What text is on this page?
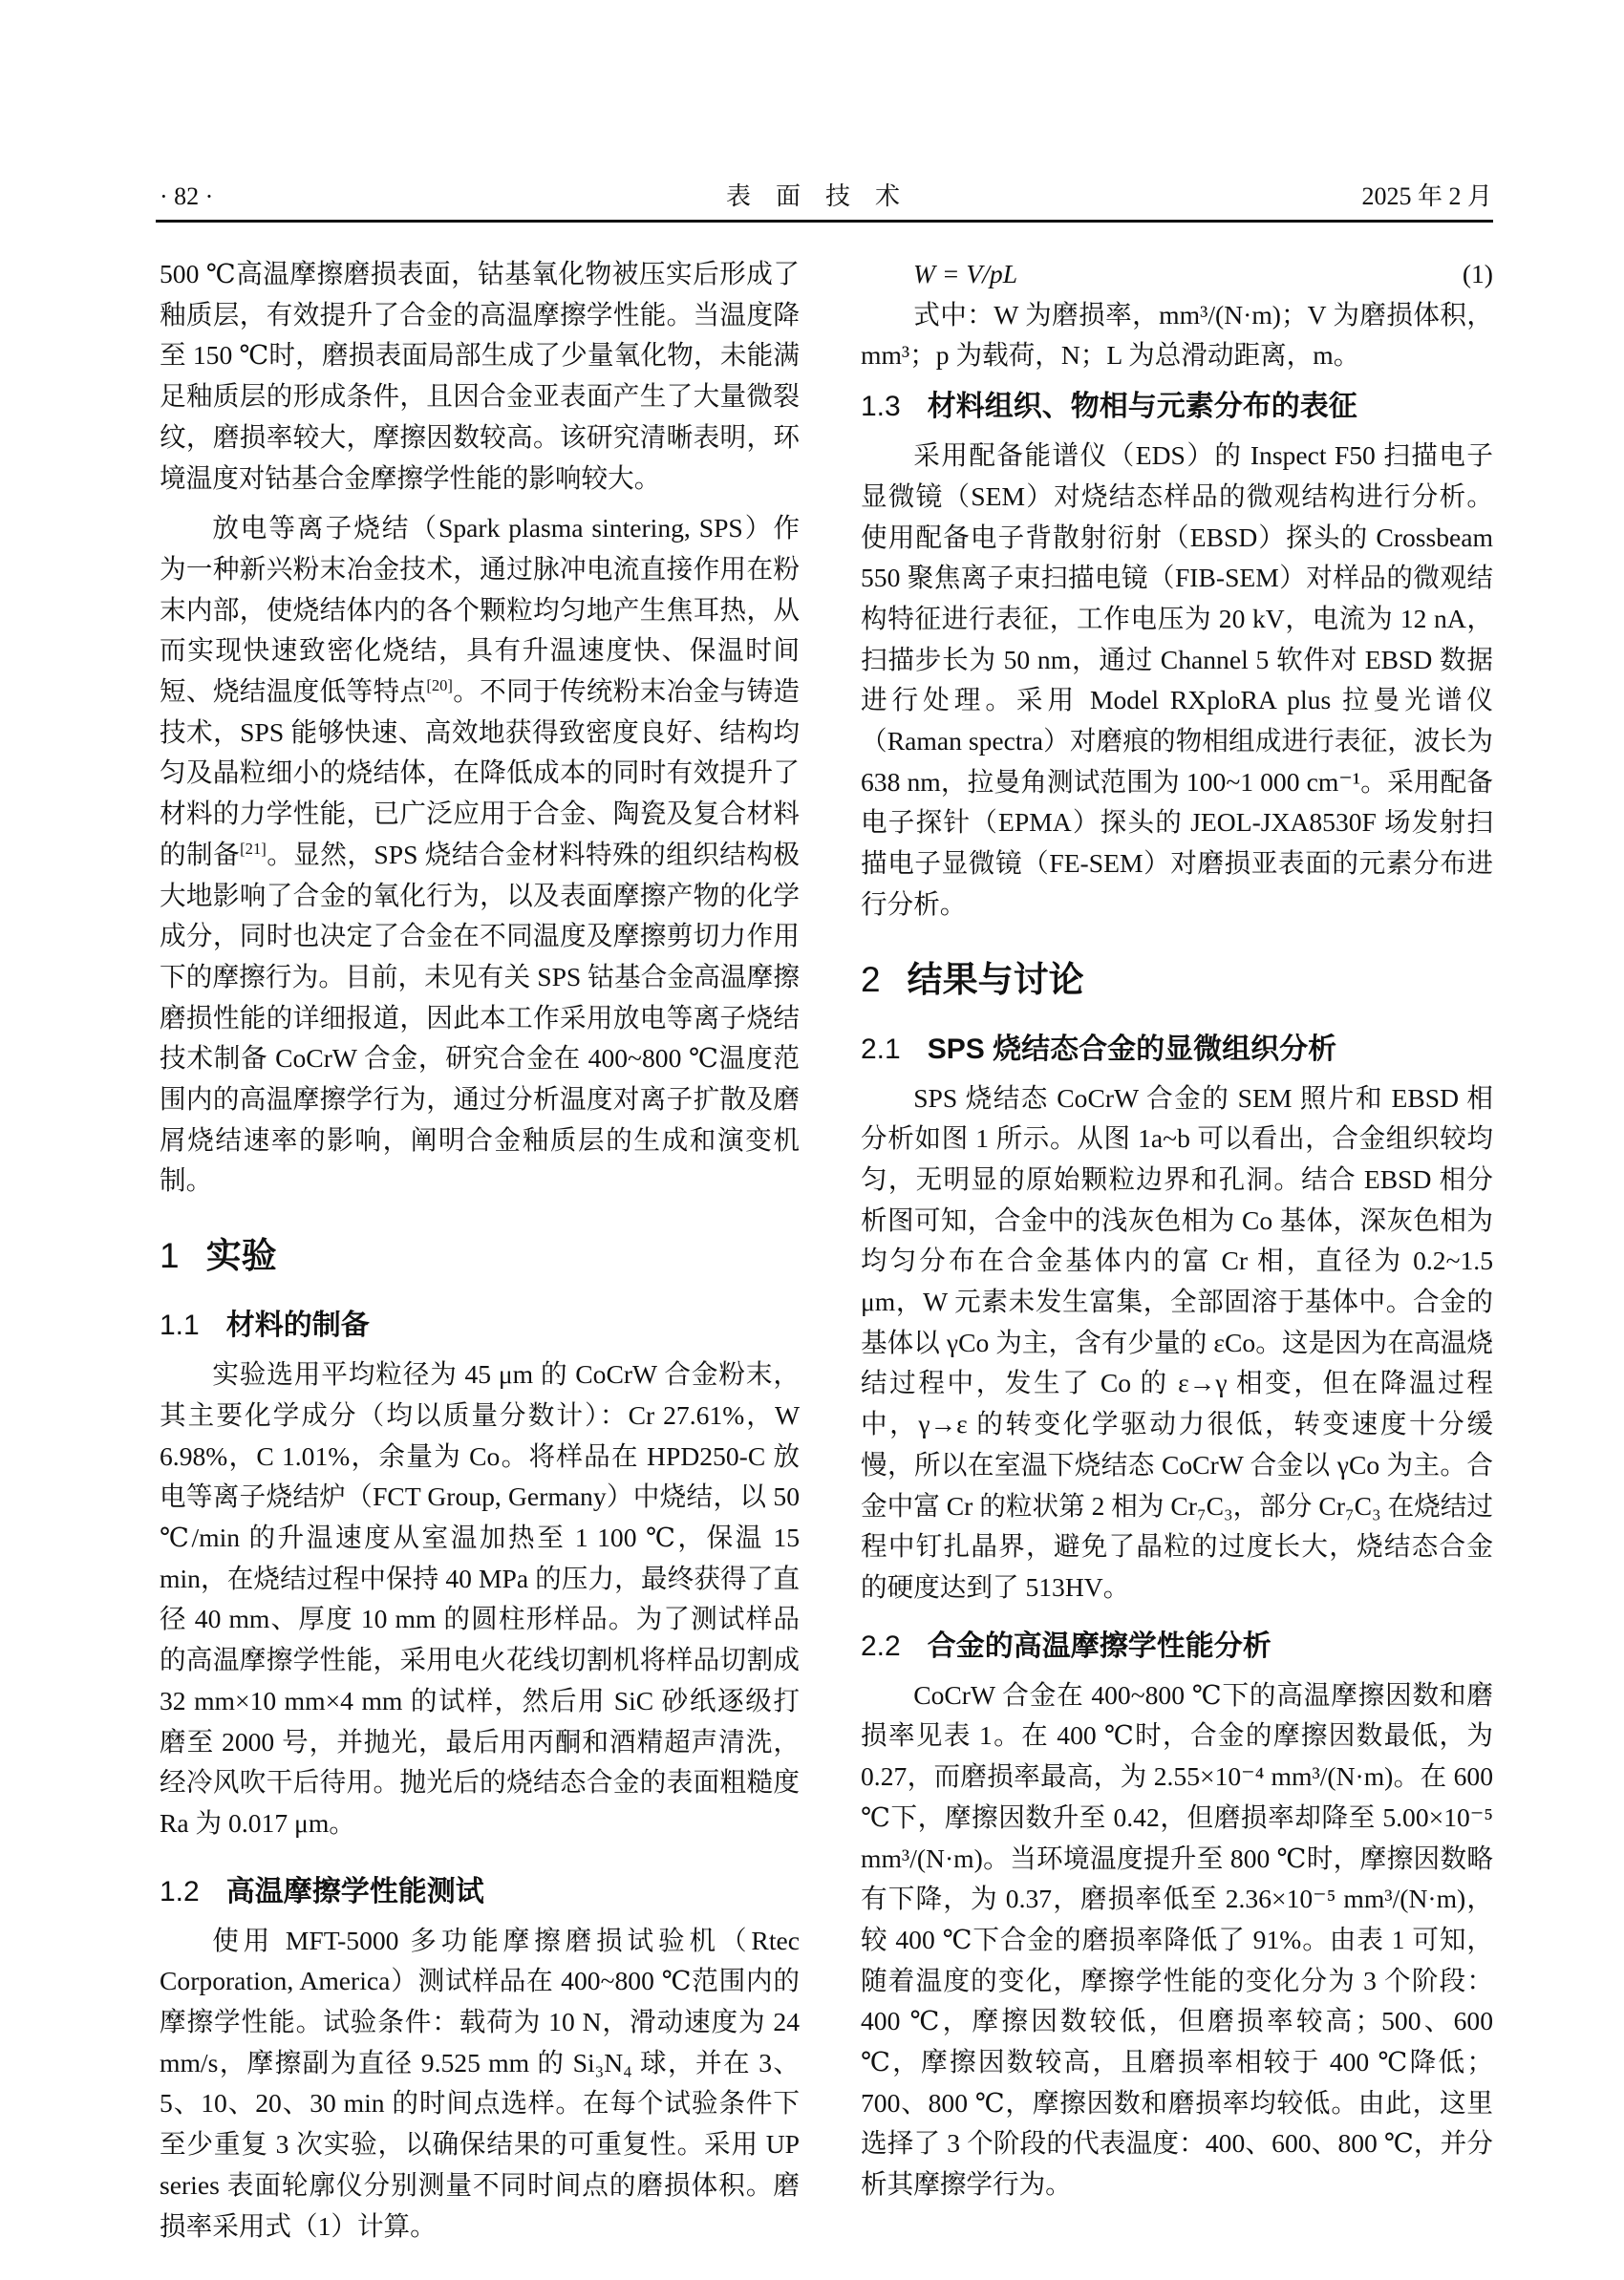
· 82 ·	表　面　技　术	2025 年 2 月

500 ℃高温摩擦磨损表面，钴基氧化物被压实后形成了釉质层，有效提升了合金的高温摩擦学性能。当温度降至 150 ℃时，磨损表面局部生成了少量氧化物，未能满足釉质层的形成条件，且因合金亚表面产生了大量微裂纹，磨损率较大，摩擦因数较高。该研究清晰表明，环境温度对钴基合金摩擦学性能的影响较大。

放电等离子烧结（Spark plasma sintering, SPS）作为一种新兴粉末冶金技术，通过脉冲电流直接作用在粉末内部，使烧结体内的各个颗粒均匀地产生焦耳热，从而实现快速致密化烧结，具有升温速度快、保温时间短、烧结温度低等特点[20]。不同于传统粉末冶金与铸造技术，SPS 能够快速、高效地获得致密度良好、结构均匀及晶粒细小的烧结体，在降低成本的同时有效提升了材料的力学性能，已广泛应用于合金、陶瓷及复合材料的制备[21]。显然，SPS 烧结合金材料特殊的组织结构极大地影响了合金的氧化行为，以及表面摩擦产物的化学成分，同时也决定了合金在不同温度及摩擦剪切力作用下的摩擦行为。目前，未见有关 SPS 钴基合金高温摩擦磨损性能的详细报道，因此本工作采用放电等离子烧结技术制备 CoCrW 合金，研究合金在 400~800 ℃温度范围内的高温摩擦学行为，通过分析温度对离子扩散及磨屑烧结速率的影响，阐明合金釉质层的生成和演变机制。

1 实验
1.1 材料的制备

实验选用平均粒径为 45 μm 的 CoCrW 合金粉末，其主要化学成分（均以质量分数计）：Cr 27.61%，W 6.98%，C 1.01%，余量为 Co。将样品在 HPD250-C 放电等离子烧结炉（FCT Group, Germany）中烧结，以 50 ℃/min 的升温速度从室温加热至 1 100 ℃，保温 15 min，在烧结过程中保持 40 MPa 的压力，最终获得了直径 40 mm、厚度 10 mm 的圆柱形样品。为了测试样品的高温摩擦学性能，采用电火花线切割机将样品切割成 32 mm×10 mm×4 mm 的试样，然后用 SiC 砂纸逐级打磨至 2000 号，并抛光，最后用丙酮和酒精超声清洗，经冷风吹干后待用。抛光后的烧结态合金的表面粗糙度 Ra 为 0.017 μm。

1.2 高温摩擦学性能测试

使用 MFT-5000 多功能摩擦磨损试验机（Rtec Corporation, America）测试样品在 400~800 ℃范围内的摩擦学性能。试验条件：载荷为 10 N，滑动速度为 24 mm/s，摩擦副为直径 9.525 mm 的 Si₃N₄ 球，并在 3、5、10、20、30 min 的时间点选样。在每个试验条件下至少重复 3 次实验，以确保结果的可重复性。采用 UP series 表面轮廓仪分别测量不同时间点的磨损体积。磨损率采用式（1）计算。

W = V/pL	(1)

式中：W 为磨损率，mm³/(N·m)；V 为磨损体积，mm³；p 为载荷，N；L 为总滑动距离，m。

1.3 材料组织、物相与元素分布的表征

采用配备能谱仪（EDS）的 Inspect F50 扫描电子显微镜（SEM）对烧结态样品的微观结构进行分析。使用配备电子背散射衍射（EBSD）探头的 Crossbeam 550 聚焦离子束扫描电镜（FIB-SEM）对样品的微观结构特征进行表征，工作电压为 20 kV，电流为 12 nA，扫描步长为 50 nm，通过 Channel 5 软件对 EBSD 数据进行处理。采用 Model RXploRA plus 拉曼光谱仪（Raman spectra）对磨痕的物相组成进行表征，波长为 638 nm，拉曼角测试范围为 100~1 000 cm⁻¹。采用配备电子探针（EPMA）探头的 JEOL-JXA8530F 场发射扫描电子显微镜（FE-SEM）对磨损亚表面的元素分布进行分析。

2 结果与讨论
2.1 SPS 烧结态合金的显微组织分析

SPS 烧结态 CoCrW 合金的 SEM 照片和 EBSD 相分析如图 1 所示。从图 1a~b 可以看出，合金组织较均匀，无明显的原始颗粒边界和孔洞。结合 EBSD 相分析图可知，合金中的浅灰色相为 Co 基体，深灰色相为均匀分布在合金基体内的富 Cr 相，直径为 0.2~1.5 μm，W 元素未发生富集，全部固溶于基体中。合金的基体以 γCo 为主，含有少量的 εCo。这是因为在高温烧结过程中，发生了 Co 的 ε→γ 相变，但在降温过程中，γ→ε 的转变化学驱动力很低，转变速度十分缓慢，所以在室温下烧结态 CoCrW 合金以 γCo 为主。合金中富 Cr 的粒状第 2 相为 Cr₇C₃，部分 Cr₇C₃ 在烧结过程中钉扎晶界，避免了晶粒的过度长大，烧结态合金的硬度达到了 513HV。

2.2 合金的高温摩擦学性能分析

CoCrW 合金在 400~800 ℃下的高温摩擦因数和磨损率见表 1。在 400 ℃时，合金的摩擦因数最低，为 0.27，而磨损率最高，为 2.55×10⁻⁴ mm³/(N·m)。在 600 ℃下，摩擦因数升至 0.42，但磨损率却降至 5.00×10⁻⁵ mm³/(N·m)。当环境温度提升至 800 ℃时，摩擦因数略有下降，为 0.37，磨损率低至 2.36×10⁻⁵ mm³/(N·m)，较 400 ℃下合金的磨损率降低了 91%。由表 1 可知，随着温度的变化，摩擦学性能的变化分为 3 个阶段：400 ℃，摩擦因数较低，但磨损率较高；500、600 ℃，摩擦因数较高，且磨损率相较于 400 ℃降低；700、800 ℃，摩擦因数和磨损率均较低。由此，这里选择了 3 个阶段的代表温度：400、600、800 ℃，并分析其摩擦学行为。
